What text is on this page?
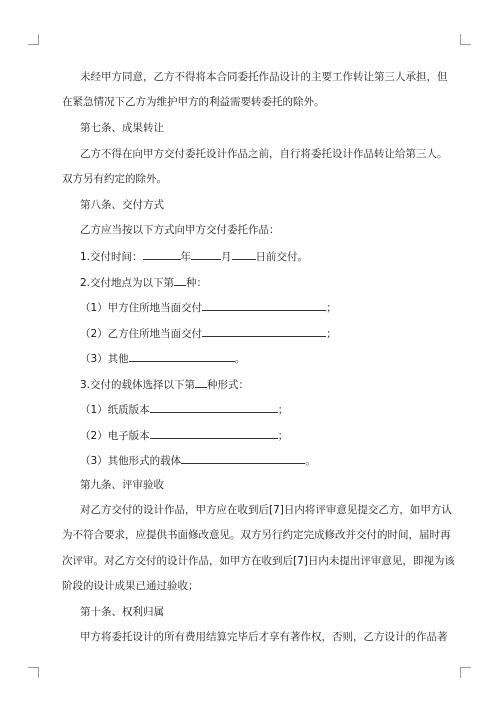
未经甲方同意，乙方不得将本合同委托作品设计的主要工作转让第三人承担，但
在紧急情况下乙方为维护甲方的利益需要转委托的除外。
第七条、成果转让
乙方不得在向甲方交付委托设计作品之前，自行将委托设计作品转让给第三人。
双方另有约定的除外。
第八条、交付方式
乙方应当按以下方式向甲方交付委托作品：
1.交付时间：	年	月 日前交付。
2.交付地点为以下第 种：
（1）甲方住所地当面交付	；
（2）乙方住所地当面交付	；
（3）其他	。
3.交付的载体选择以下第 种形式：
（1）纸质版本	；
（2）电子版本	；
（3）其他形式的载体	。
第九条、评审验收
对乙方交付的设计作品，甲方应在收到后[7]日内将评审意见提交乙方，如甲方认
为不符合要求，应提供书面修改意见。双方另行约定完成修改并交付的时间，届时再
次评审。对乙方交付的设计作品，如甲方在收到后[7]日内未提出评审意见，即视为该
阶段的设计成果已通过验收；
第十条、权利归属
甲方将委托设计的所有费用结算完毕后才享有著作权，否则，乙方设计的作品著
